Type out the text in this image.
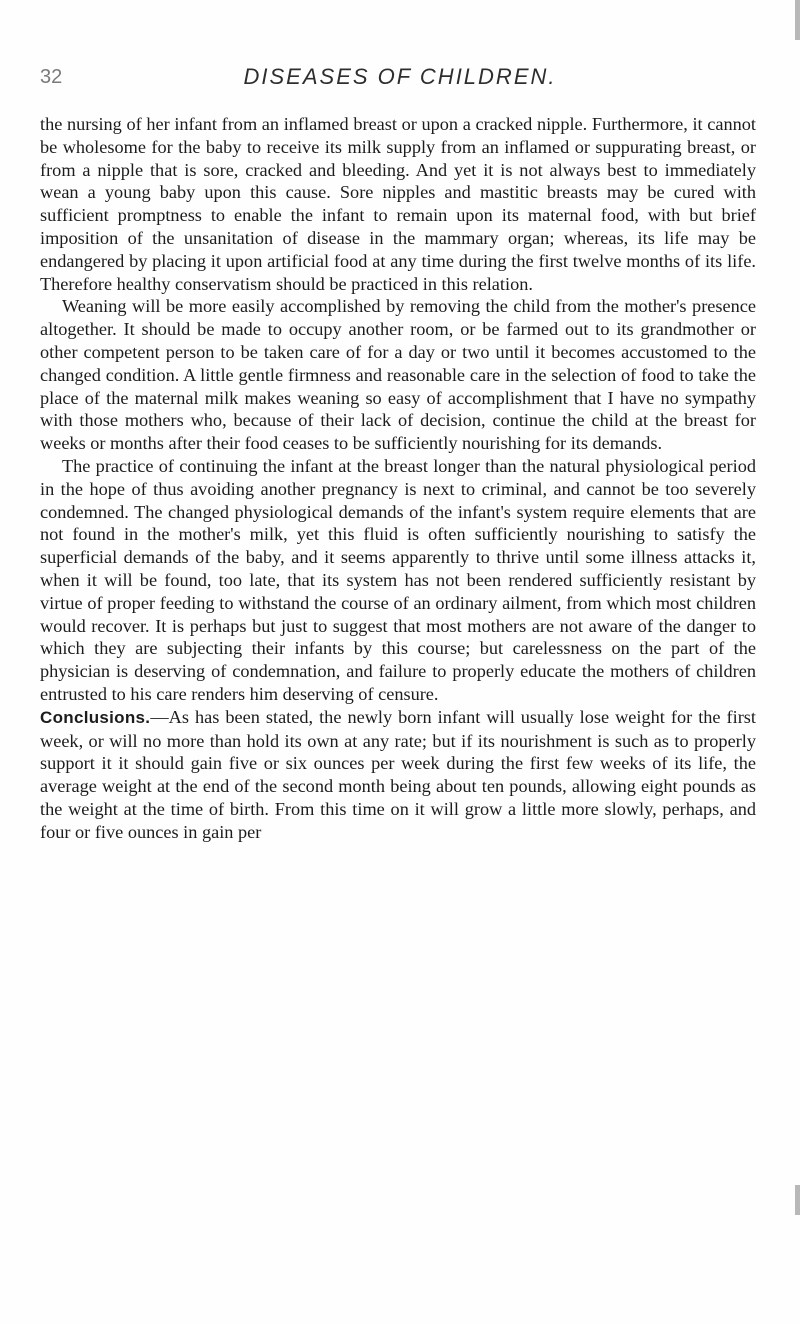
32	DISEASES OF CHILDREN.

the nursing of her infant from an inflamed breast or upon a cracked nipple. Furthermore, it cannot be wholesome for the baby to receive its milk supply from an inflamed or suppurating breast, or from a nipple that is sore, cracked and bleeding. And yet it is not always best to immediately wean a young baby upon this cause. Sore nipples and mastitic breasts may be cured with sufficient promptness to enable the infant to remain upon its maternal food, with but brief imposition of the unsanitation of disease in the mammary organ; whereas, its life may be endangered by placing it upon artificial food at any time during the first twelve months of its life. Therefore healthy conservatism should be practiced in this relation.

Weaning will be more easily accomplished by removing the child from the mother's presence altogether. It should be made to occupy another room, or be farmed out to its grandmother or other competent person to be taken care of for a day or two until it becomes accustomed to the changed condition. A little gentle firmness and reasonable care in the selection of food to take the place of the maternal milk makes weaning so easy of accomplishment that I have no sympathy with those mothers who, because of their lack of decision, continue the child at the breast for weeks or months after their food ceases to be sufficiently nourishing for its demands.

The practice of continuing the infant at the breast longer than the natural physiological period in the hope of thus avoiding another pregnancy is next to criminal, and cannot be too severely condemned. The changed physiological demands of the infant's system require elements that are not found in the mother's milk, yet this fluid is often sufficiently nourishing to satisfy the superficial demands of the baby, and it seems apparently to thrive until some illness attacks it, when it will be found, too late, that its system has not been rendered sufficiently resistant by virtue of proper feeding to withstand the course of an ordinary ailment, from which most children would recover. It is perhaps but just to suggest that most mothers are not aware of the danger to which they are subjecting their infants by this course; but carelessness on the part of the physician is deserving of condemnation, and failure to properly educate the mothers of children entrusted to his care renders him deserving of censure.

Conclusions.—As has been stated, the newly born infant will usually lose weight for the first week, or will no more than hold its own at any rate; but if its nourishment is such as to properly support it it should gain five or six ounces per week during the first few weeks of its life, the average weight at the end of the second month being about ten pounds, allowing eight pounds as the weight at the time of birth. From this time on it will grow a little more slowly, perhaps, and four or five ounces in gain per
